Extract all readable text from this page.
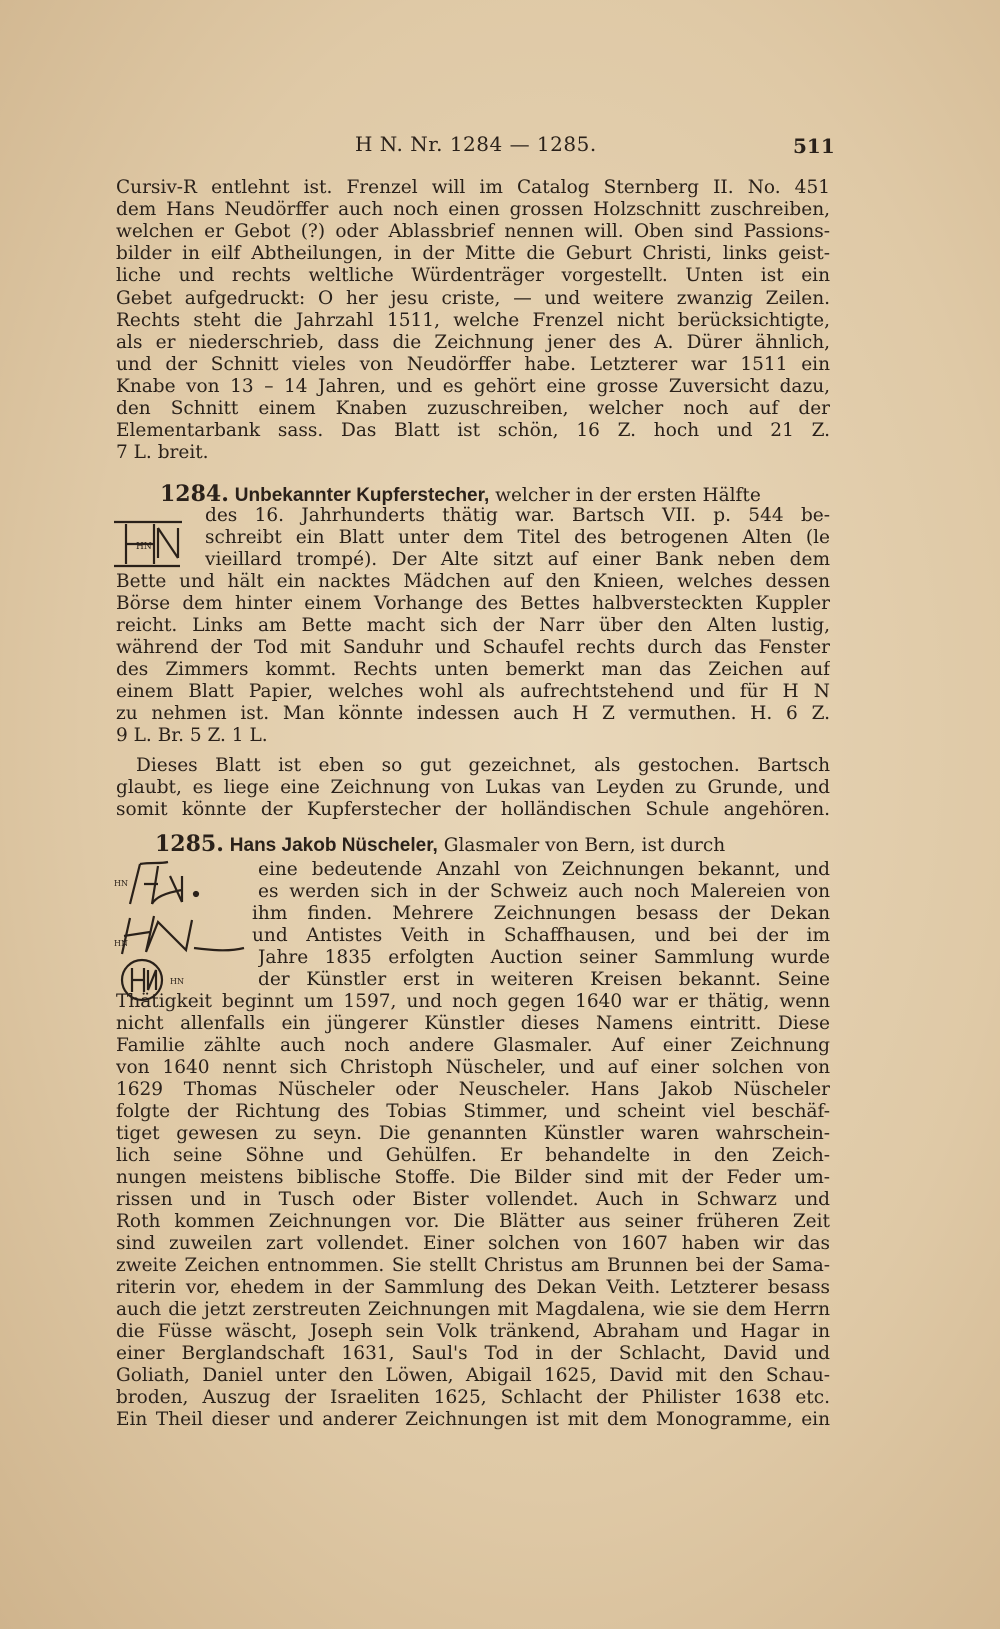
H N. Nr. 1284 — 1285.	511
Cursiv-R entlehnt ist. Frenzel will im Catalog Sternberg II. No. 451
dem Hans Neudörffer auch noch einen grossen Holzschnitt zuschreiben,
welchen er Gebot (?) oder Ablassbrief nennen will. Oben sind Passions-
bilder in eilf Abtheilungen, in der Mitte die Geburt Christi, links geist-
liche und rechts weltliche Würdenträger vorgestellt. Unten ist ein
Gebet aufgedruckt: O her jesu criste, — und weitere zwanzig Zeilen.
Rechts steht die Jahrzahl 1511, welche Frenzel nicht berücksichtigte,
als er niederschrieb, dass die Zeichnung jener des A. Dürer ähnlich,
und der Schnitt vieles von Neudörffer habe. Letzterer war 1511 ein
Knabe von 13 – 14 Jahren, und es gehört eine grosse Zuversicht dazu,
den Schnitt einem Knaben zuzuschreiben, welcher noch auf der
Elementarbank sass. Das Blatt ist schön, 16 Z. hoch und 21 Z.
7 L. breit.
1284. Unbekannter Kupferstecher, welcher in der ersten Hälfte
HN
des 16. Jahrhunderts thätig war. Bartsch VII. p. 544 be-
schreibt ein Blatt unter dem Titel des betrogenen Alten (le
vieillard trompé). Der Alte sitzt auf einer Bank neben dem
Bette und hält ein nacktes Mädchen auf den Knieen, welches dessen
Börse dem hinter einem Vorhange des Bettes halbversteckten Kuppler
reicht. Links am Bette macht sich der Narr über den Alten lustig,
während der Tod mit Sanduhr und Schaufel rechts durch das Fenster
des Zimmers kommt. Rechts unten bemerkt man das Zeichen auf
einem Blatt Papier, welches wohl als aufrechtstehend und für H N
zu nehmen ist. Man könnte indessen auch H Z vermuthen. H. 6 Z.
9 L. Br. 5 Z. 1 L.
Dieses Blatt ist eben so gut gezeichnet, als gestochen. Bartsch
glaubt, es liege eine Zeichnung von Lukas van Leyden zu Grunde, und
somit könnte der Kupferstecher der holländischen Schule angehören.
1285. Hans Jakob Nüscheler, Glasmaler von Bern, ist durch
HN
HN
HN
eine bedeutende Anzahl von Zeichnungen bekannt, und
es werden sich in der Schweiz auch noch Malereien von
ihm finden. Mehrere Zeichnungen besass der Dekan
und Antistes Veith in Schaffhausen, und bei der im
Jahre 1835 erfolgten Auction seiner Sammlung wurde
der Künstler erst in weiteren Kreisen bekannt. Seine
Thätigkeit beginnt um 1597, und noch gegen 1640 war er thätig, wenn
nicht allenfalls ein jüngerer Künstler dieses Namens eintritt. Diese
Familie zählte auch noch andere Glasmaler. Auf einer Zeichnung
von 1640 nennt sich Christoph Nüscheler, und auf einer solchen von
1629 Thomas Nüscheler oder Neuscheler. Hans Jakob Nüscheler
folgte der Richtung des Tobias Stimmer, und scheint viel beschäf-
tiget gewesen zu seyn. Die genannten Künstler waren wahrschein-
lich seine Söhne und Gehülfen. Er behandelte in den Zeich-
nungen meistens biblische Stoffe. Die Bilder sind mit der Feder um-
rissen und in Tusch oder Bister vollendet. Auch in Schwarz und
Roth kommen Zeichnungen vor. Die Blätter aus seiner früheren Zeit
sind zuweilen zart vollendet. Einer solchen von 1607 haben wir das
zweite Zeichen entnommen. Sie stellt Christus am Brunnen bei der Sama-
riterin vor, ehedem in der Sammlung des Dekan Veith. Letzterer besass
auch die jetzt zerstreuten Zeichnungen mit Magdalena, wie sie dem Herrn
die Füsse wäscht, Joseph sein Volk tränkend, Abraham und Hagar in
einer Berglandschaft 1631, Saul's Tod in der Schlacht, David und
Goliath, Daniel unter den Löwen, Abigail 1625, David mit den Schau-
broden, Auszug der Israeliten 1625, Schlacht der Philister 1638 etc.
Ein Theil dieser und anderer Zeichnungen ist mit dem Monogramme, ein
